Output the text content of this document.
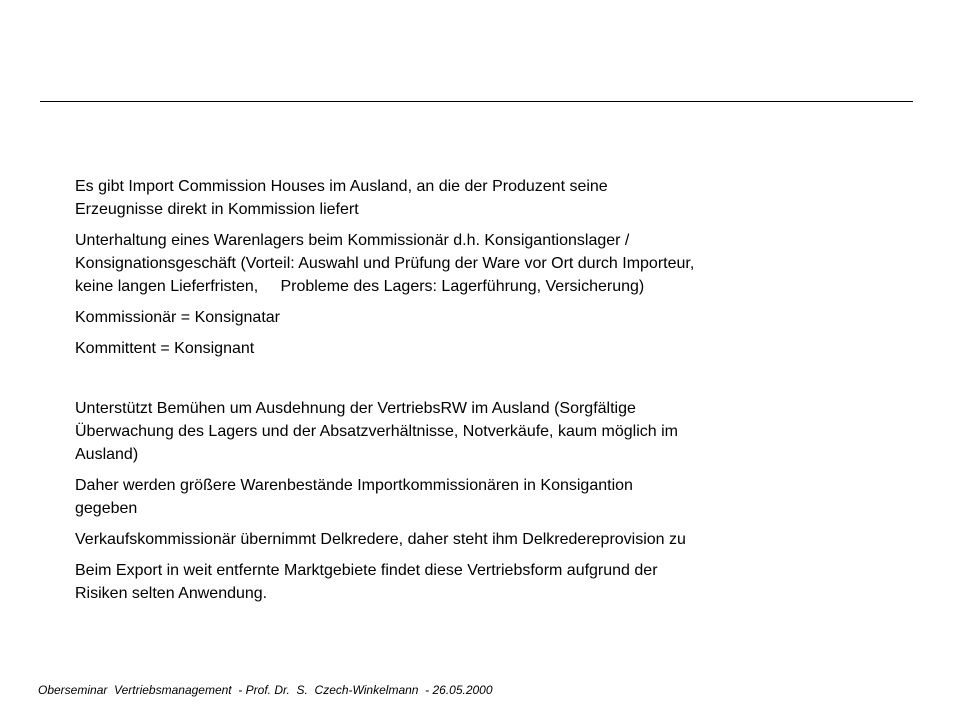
Es gibt Import Commission Houses im Ausland, an die der Produzent seine
Erzeugnisse direkt in Kommission liefert

Unterhaltung eines Warenlagers beim Kommissionär d.h. Konsigantionslager /
Konsignationsgeschäft (Vorteil: Auswahl und Prüfung der Ware vor Ort durch Importeur,
keine langen Lieferfristen,     Probleme des Lagers: Lagerführung, Versicherung)

Kommissionär = Konsignatar

Kommittent = Konsignant

Unterstützt Bemühen um Ausdehnung der VertriebsRW im Ausland (Sorgfältige
Überwachung des Lagers und der Absatzverhältnisse, Notverkäufe, kaum möglich im
Ausland)

Daher werden größere Warenbestände Importkommissionären in Konsigantion
gegeben

Verkaufskommissionär übernimmt Delkredere, daher steht ihm Delkredereprovision zu

Beim Export in weit entfernte Marktgebiete findet diese Vertriebsform aufgrund der
Risiken selten Anwendung.

Oberseminar  Vertriebsmanagement  - Prof. Dr.  S.  Czech-Winkelmann  - 26.05.2000
